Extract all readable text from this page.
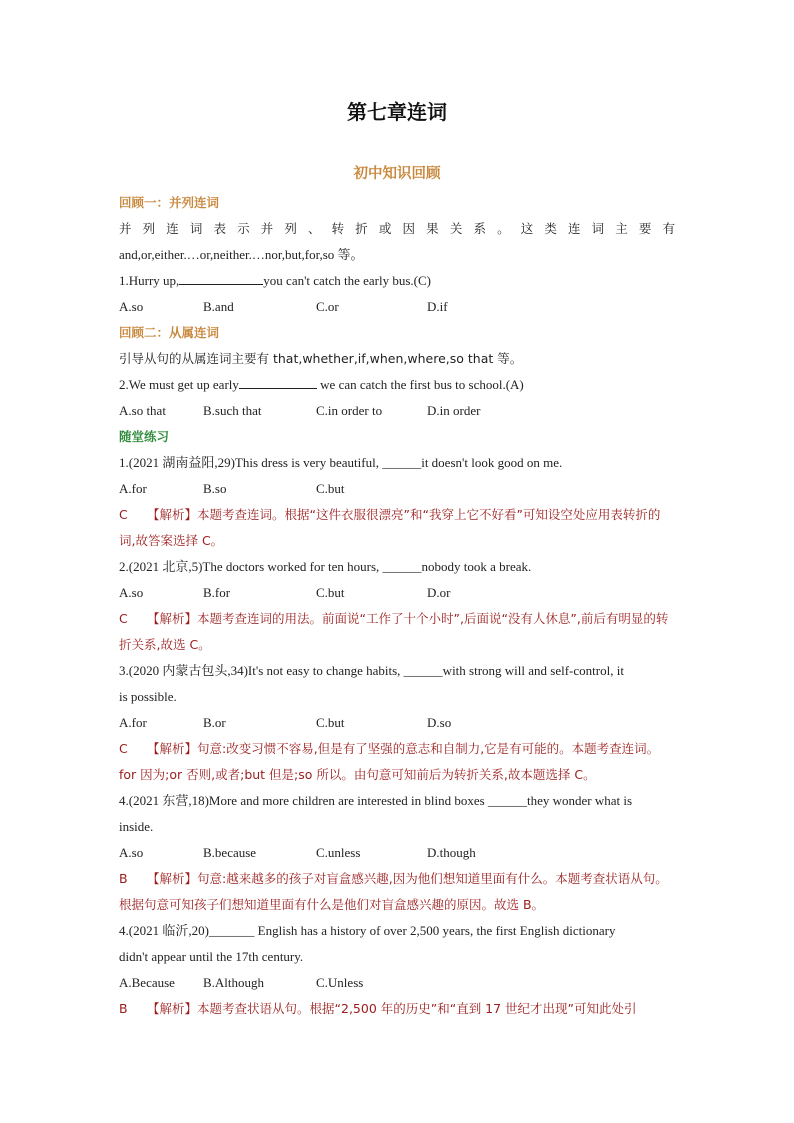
第七章连词
初中知识回顾
回顾一：并列连词
并列连词表示并列、转折或因果关系。这类连词主要有
and,or,either.…or,neither.…nor,but,for,so 等。
1.Hurry up,	you can't catch the early bus.(C)
A.so	B.and	C.or	D.if
回顾二：从属连词
引导从句的从属连词主要有 that,whether,if,when,where,so that 等。
2.We must get up early	we can catch the first bus to school.(A)
A.so that	B.such that	C.in order to	D.in order
随堂练习
1.(2021 湖南益阳,29)This dress is very beautiful, ______it doesn't look good on me.
A.for	B.so	C.but
C 【解析】本题考查连词。根据“这件衣服很漂亮”和“我穿上它不好看”可知设空处应用表转折的词,故答案选择 C。
2.(2021 北京,5)The doctors worked for ten hours, ______nobody took a break.
A.so	B.for	C.but	D.or
C 【解析】本题考查连词的用法。前面说“工作了十个小时”,后面说“没有人休息”,前后有明显的转折关系,故选 C。
3.(2020 内蒙古包头,34)It's not easy to change habits, ______with strong will and self-control, it
is possible.
A.for	B.or	C.but	D.so
C 【解析】句意:改变习惯不容易,但是有了坚强的意志和自制力,它是有可能的。本题考查连词。for 因为;or 否则,或者;but 但是;so 所以。由句意可知前后为转折关系,故本题选择 C。
4.(2021 东营,18)More and more children are interested in blind boxes ______they wonder what is
inside.
A.so	B.because	C.unless	D.though
B 【解析】句意:越来越多的孩子对盲盒感兴趣,因为他们想知道里面有什么。本题考查状语从句。根据句意可知孩子们想知道里面有什么是他们对盲盒感兴趣的原因。故选 B。
4.(2021 临沂,20)_______ English has a history of over 2,500 years, the first English dictionary
didn't appear until the 17th century.
A.Because	B.Although	C.Unless
B 【解析】本题考查状语从句。根据“2,500 年的历史”和“直到 17 世纪才出现”可知此处引
